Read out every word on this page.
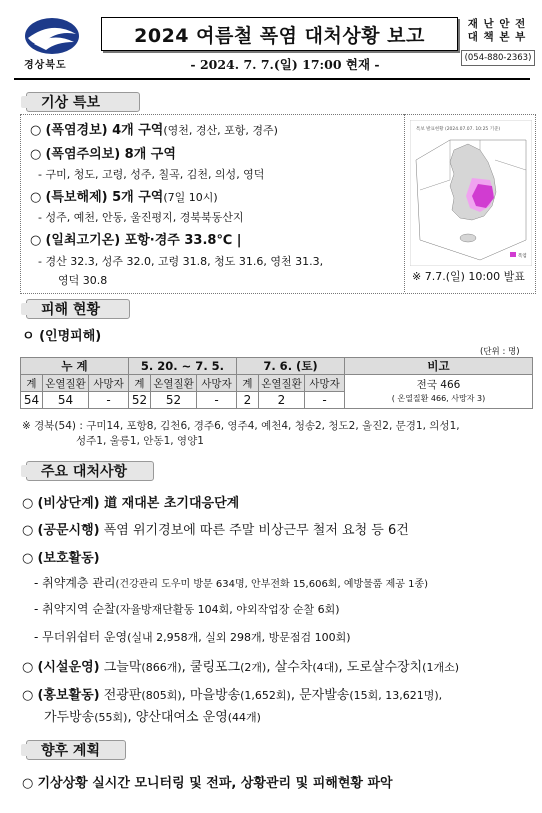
경상북도
2024 여름철 폭염 대처상황 보고
- 2024. 7. 7.(일) 17:00 현재 -
재 난 안 전
대 책 본 부
(054-880-2363)
기상 특보
○ (폭염경보) 4개 구역(영천, 경산, 포항, 경주)
○ (폭염주의보) 8개 구역
- 구미, 청도, 고령, 성주, 칠곡, 김천, 의성, 영덕
○ (특보해제) 5개 구역(7일 10시)
- 성주, 예천, 안동, 울진평지, 경북북동산지
○ (일최고기온) 포항·경주 33.8℃ |
- 경산 32.3, 성주 32.0, 고령 31.8, 청도 31.6, 영천 31.3,
영덕 30.8
특보 발표현황 (2024.07.07. 10:25 기준)
폭염
※ 7.7.(일) 10:00 발표
피해 현황
ㅇ (인명피해)
(단위 : 명)
누 계			5. 20. ~ 7. 5.			7. 6. (토)			비고
계	온열질환	사망자	계	온열질환	사망자	계	온열질환	사망자	전국 466
( 온열질환 466, 사망자 3)

54	54	-	52	52	-	2	2	-	
※ 경북(54) : 구미14, 포항8, 김천6, 경주6, 영주4, 예천4, 청송2, 청도2, 울진2, 문경1, 의성1,
성주1, 울릉1, 안동1, 영양1
주요 대처사항
○ (비상단계) 道 재대본 초기대응단계
○ (공문시행) 폭염 위기경보에 따른 주말 비상근무 철저 요청 등 6건
○ (보호활동)
- 취약계층 관리(건강관리 도우미 방문 634명, 안부전화 15,606회, 예방물품 제공 1종)
- 취약지역 순찰(자율방재단활동 104회, 야외작업장 순찰 6회)
- 무더위쉼터 운영(실내 2,958개, 실외 298개, 방문점검 100회)
○ (시설운영) 그늘막(866개), 쿨링포그(2개), 살수차(4대), 도로살수장치(1개소)
○ (홍보활동) 전광판(805회), 마을방송(1,652회), 문자발송(15회, 13,621명),
가두방송(55회), 양산대여소 운영(44개)
향후 계획
○ 기상상황 실시간 모니터링 및 전파, 상황관리 및 피해현황 파악
